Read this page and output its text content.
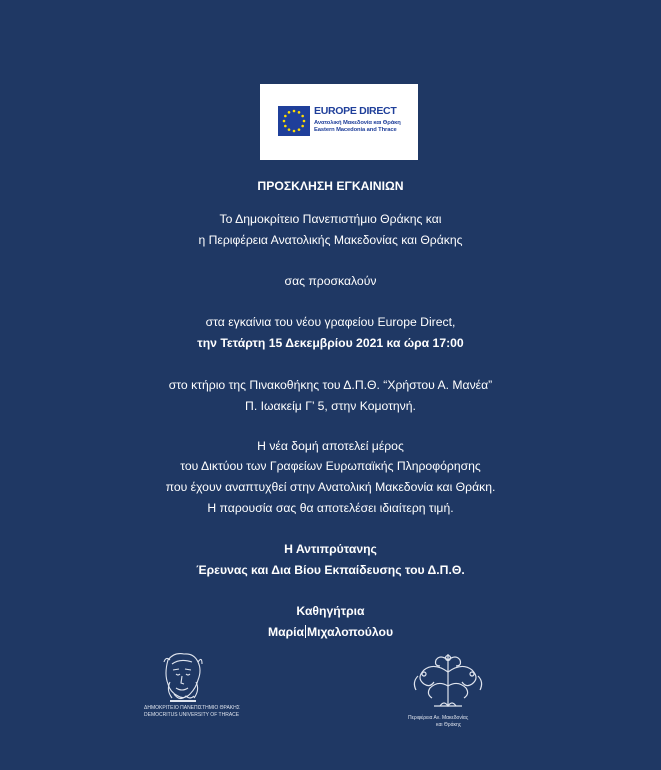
EUROPE DIRECT
Ανατολική Μακεδονία και Θράκη
Eastern Macedonia and Thrace
ΠΡΟΣΚΛΗΣΗ ΕΓΚΑΙΝΙΩΝ
Το Δημοκρίτειο Πανεπιστήμιο Θράκης και
η Περιφέρεια Ανατολικής Μακεδονίας και Θράκης
σας προσκαλούν
στα εγκαίνια του νέου γραφείου Europe Direct,
την Τετάρτη 15 Δεκεμβρίου 2021 κα ώρα 17:00
στο κτήριο της Πινακοθήκης του Δ.Π.Θ. “Χρήστου Α. Μανέα”
Π. Ιωακείμ Γ’ 5, στην Κομοτηνή.
Η νέα δομή αποτελεί μέρος
του Δικτύου των Γραφείων Ευρωπαϊκής Πληροφόρησης
που έχουν αναπτυχθεί στην Ανατολική Μακεδονία και Θράκη.
Η παρουσία σας θα αποτελέσει ιδιαίτερη τιμή.
Η Αντιπρύτανης
Έρευνας και Δια Βίου Εκπαίδευσης του Δ.Π.Θ.
Καθηγήτρια
Μαρία Μιχαλοπούλου
ΔΗΜΟΚΡΙΤΕΙΟ ΠΑΝΕΠΙΣΤΗΜΙΟ ΘΡΑΚΗΣ
DEMOCRITUS UNIVERSITY OF THRACE	Περιφέρεια Αν. Μακεδονίας
και Θράκης
